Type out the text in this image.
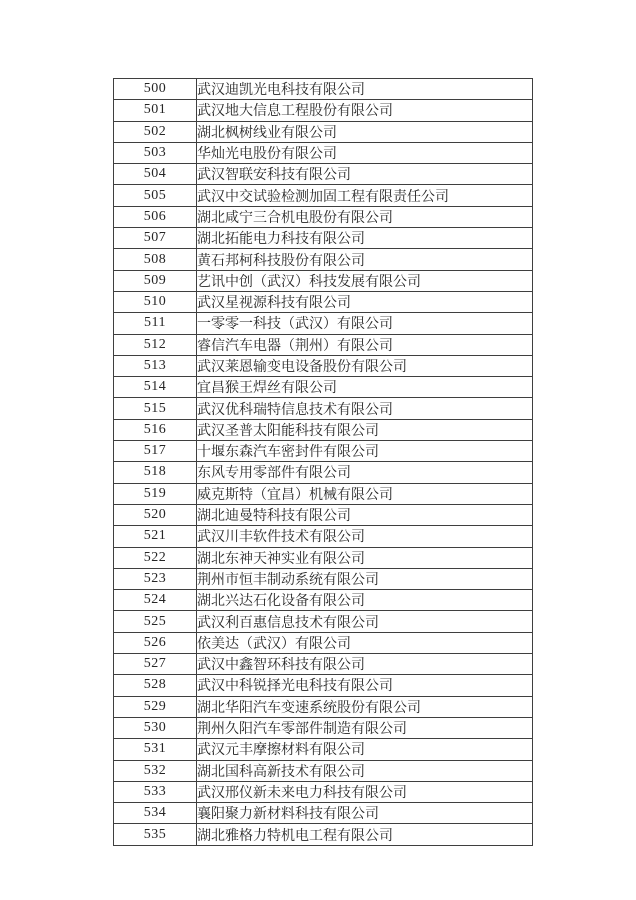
500	武汉迪凯光电科技有限公司
501	武汉地大信息工程股份有限公司
502	湖北枫树线业有限公司
503	华灿光电股份有限公司
504	武汉智联安科技有限公司
505	武汉中交试验检测加固工程有限责任公司
506	湖北咸宁三合机电股份有限公司
507	湖北拓能电力科技有限公司
508	黄石邦柯科技股份有限公司
509	艺讯中创（武汉）科技发展有限公司
510	武汉星视源科技有限公司
511	一零零一科技（武汉）有限公司
512	睿信汽车电器（荆州）有限公司
513	武汉莱恩输变电设备股份有限公司
514	宜昌猴王焊丝有限公司
515	武汉优科瑞特信息技术有限公司
516	武汉圣普太阳能科技有限公司
517	十堰东森汽车密封件有限公司
518	东风专用零部件有限公司
519	威克斯特（宜昌）机械有限公司
520	湖北迪曼特科技有限公司
521	武汉川丰软件技术有限公司
522	湖北东神天神实业有限公司
523	荆州市恒丰制动系统有限公司
524	湖北兴达石化设备有限公司
525	武汉利百惠信息技术有限公司
526	依美达（武汉）有限公司
527	武汉中鑫智环科技有限公司
528	武汉中科锐择光电科技有限公司
529	湖北华阳汽车变速系统股份有限公司
530	荆州久阳汽车零部件制造有限公司
531	武汉元丰摩擦材料有限公司
532	湖北国科高新技术有限公司
533	武汉邢仪新未来电力科技有限公司
534	襄阳聚力新材料科技有限公司
535	湖北雅格力特机电工程有限公司
